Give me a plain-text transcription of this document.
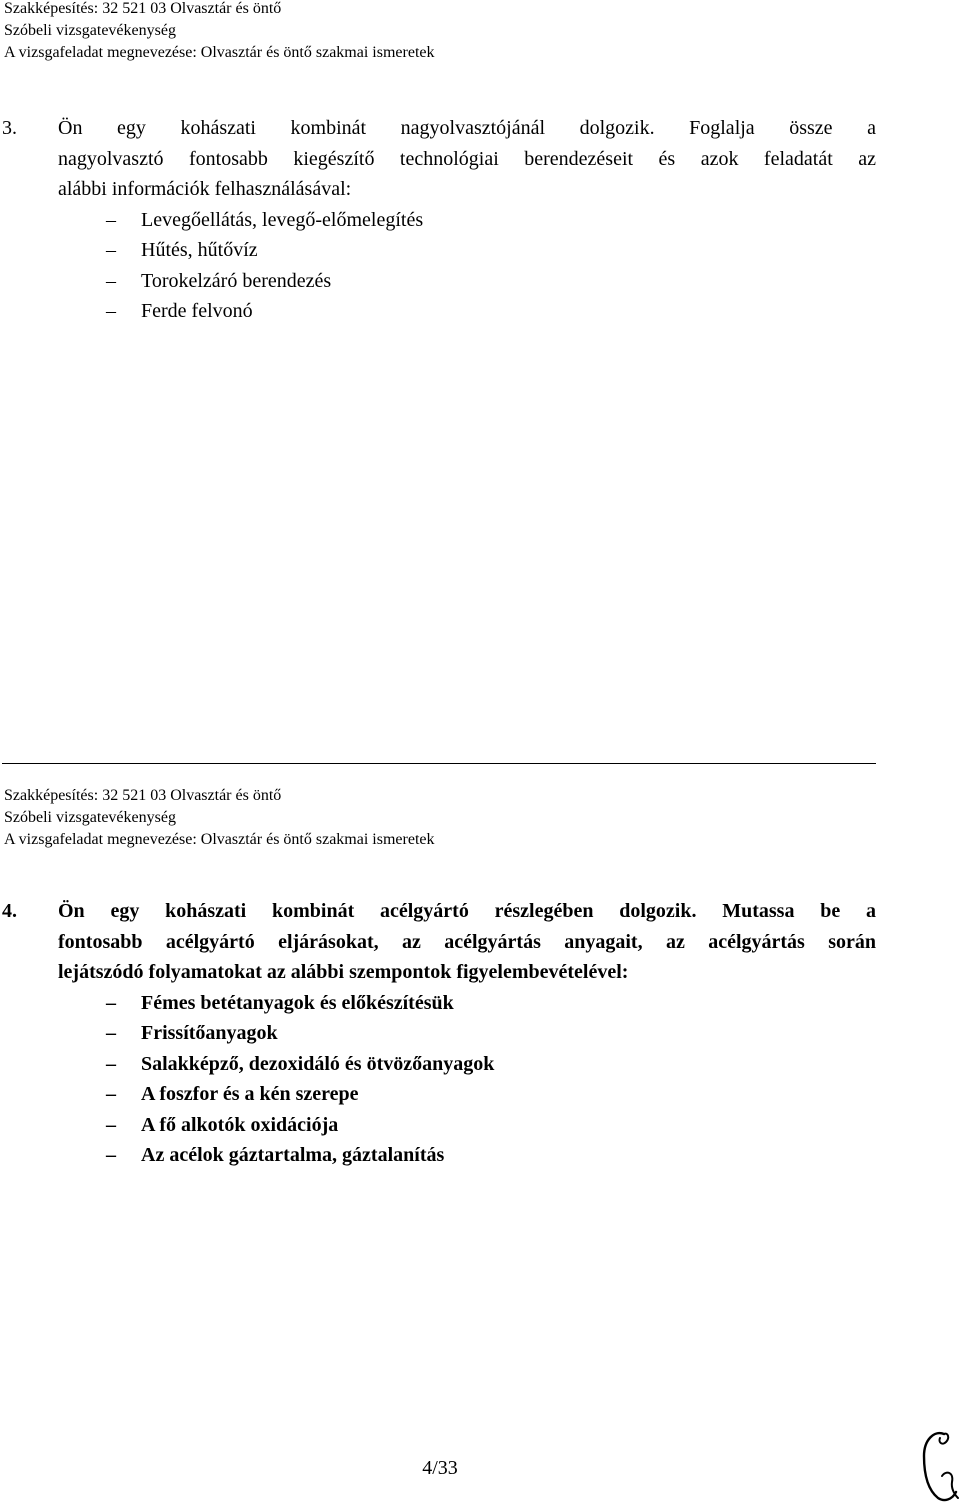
Szakképesítés: 32 521 03 Olvasztár és öntő
Szóbeli vizsgatevékenység
A vizsgafeladat megnevezése: Olvasztár és öntő szakmai ismeretek
3. Ön egy kohászati kombinát nagyolvasztójánál dolgozik. Foglalja össze a
nagyolvasztó fontosabb kiegészítő technológiai berendezéseit és azok feladatát az
alábbi információk felhasználásával:
– Levegőellátás, levegő-előmelegítés
– Hűtés, hűtővíz
– Torokelzáró berendezés
– Ferde felvonó
Szakképesítés: 32 521 03 Olvasztár és öntő
Szóbeli vizsgatevékenység
A vizsgafeladat megnevezése: Olvasztár és öntő szakmai ismeretek
4. Ön egy kohászati kombinát acélgyártó részlegében dolgozik. Mutassa be a
fontosabb acélgyártó eljárásokat, az acélgyártás anyagait, az acélgyártás során
lejátszódó folyamatokat az alábbi szempontok figyelembevételével:
– Fémes betétanyagok és előkészítésük
– Frissítőanyagok
– Salakképző, dezoxidáló és ötvözőanyagok
– A foszfor és a kén szerepe
– A fő alkotók oxidációja
– Az acélok gáztartalma, gáztalanítás
4/33
